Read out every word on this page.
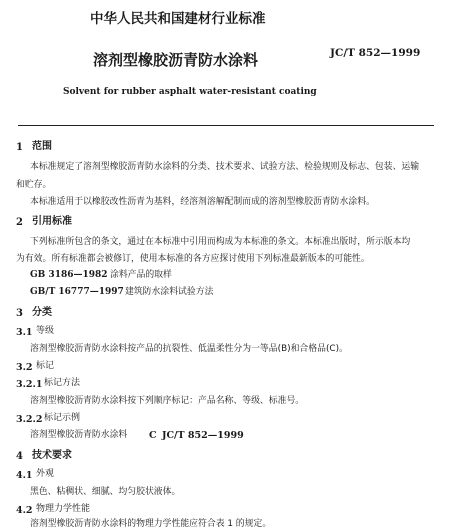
中华人民共和国建材行业标准
溶剂型橡胶沥青防水涂料	JC/T 852—1999
Solvent for rubber asphalt water-resistant coating
1 范围
本标准规定了溶剂型橡胶沥青防水涂料的分类、技术要求、试验方法、检验规则及标志、包装、运输
和贮存。
本标准适用于以橡胶改性沥青为基料，经溶剂溶解配制而成的溶剂型橡胶沥青防水涂料。
2 引用标准
下列标准所包含的条文，通过在本标准中引用而构成为本标准的条文。本标准出版时，所示版本均
为有效。所有标准都会被修订，使用本标准的各方应探讨使用下列标准最新版本的可能性。
GB 3186—1982 涂料产品的取样
GB/T 16777—1997 建筑防水涂料试验方法
3 分类
3.1 等级
溶剂型橡胶沥青防水涂料按产品的抗裂性、低温柔性分为一等品(B)和合格品(C)。
3.2 标记
3.2.1 标记方法
溶剂型橡胶沥青防水涂料按下列顺序标记：产品名称、等级、标准号。
3.2.2 标记示例
溶剂型橡胶沥青防水涂料 C JC/T 852—1999
4 技术要求
4.1 外观
黑色、粘稠状、细腻、均匀胶状液体。
4.2 物理力学性能
溶剂型橡胶沥青防水涂料的物理力学性能应符合表 1 的规定。
